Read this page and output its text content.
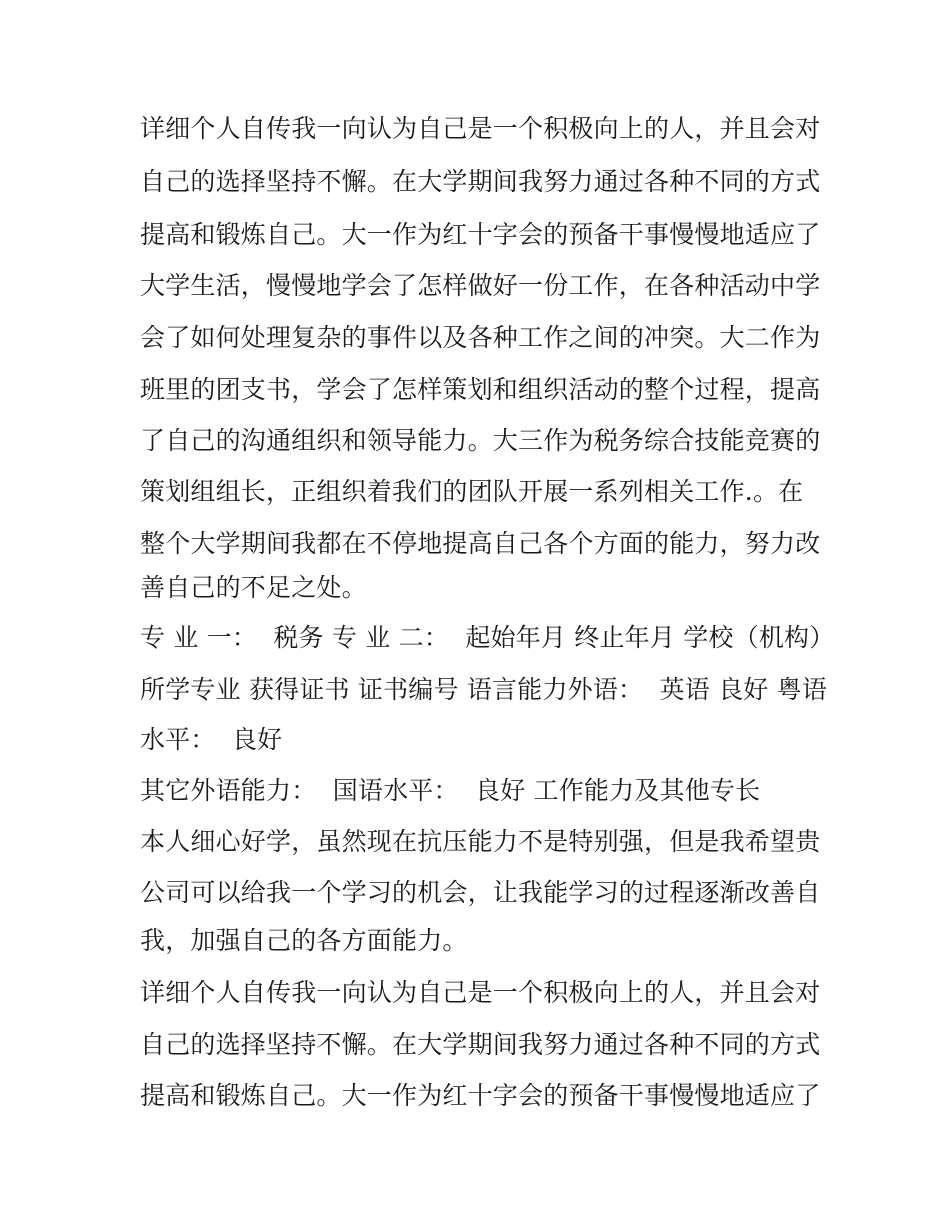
详细个人自传我一向认为自己是一个积极向上的人，并且会对
自己的选择坚持不懈。在大学期间我努力通过各种不同的方式
提高和锻炼自己。大一作为红十字会的预备干事慢慢地适应了
大学生活，慢慢地学会了怎样做好一份工作，在各种活动中学
会了如何处理复杂的事件以及各种工作之间的冲突。大二作为
班里的团支书，学会了怎样策划和组织活动的整个过程，提高
了自己的沟通组织和领导能力。大三作为税务综合技能竞赛的
策划组组长，正组织着我们的团队开展一系列相关工作.。在
整个大学期间我都在不停地提高自己各个方面的能力，努力改
善自己的不足之处。
专 业 一：  税务 专 业 二：  起始年月 终止年月 学校（机构）
所学专业 获得证书 证书编号 语言能力外语：  英语 良好 粤语
水平：  良好
其它外语能力：  国语水平：  良好 工作能力及其他专长
本人细心好学，虽然现在抗压能力不是特别强，但是我希望贵
公司可以给我一个学习的机会，让我能学习的过程逐渐改善自
我，加强自己的各方面能力。
详细个人自传我一向认为自己是一个积极向上的人，并且会对
自己的选择坚持不懈。在大学期间我努力通过各种不同的方式
提高和锻炼自己。大一作为红十字会的预备干事慢慢地适应了
